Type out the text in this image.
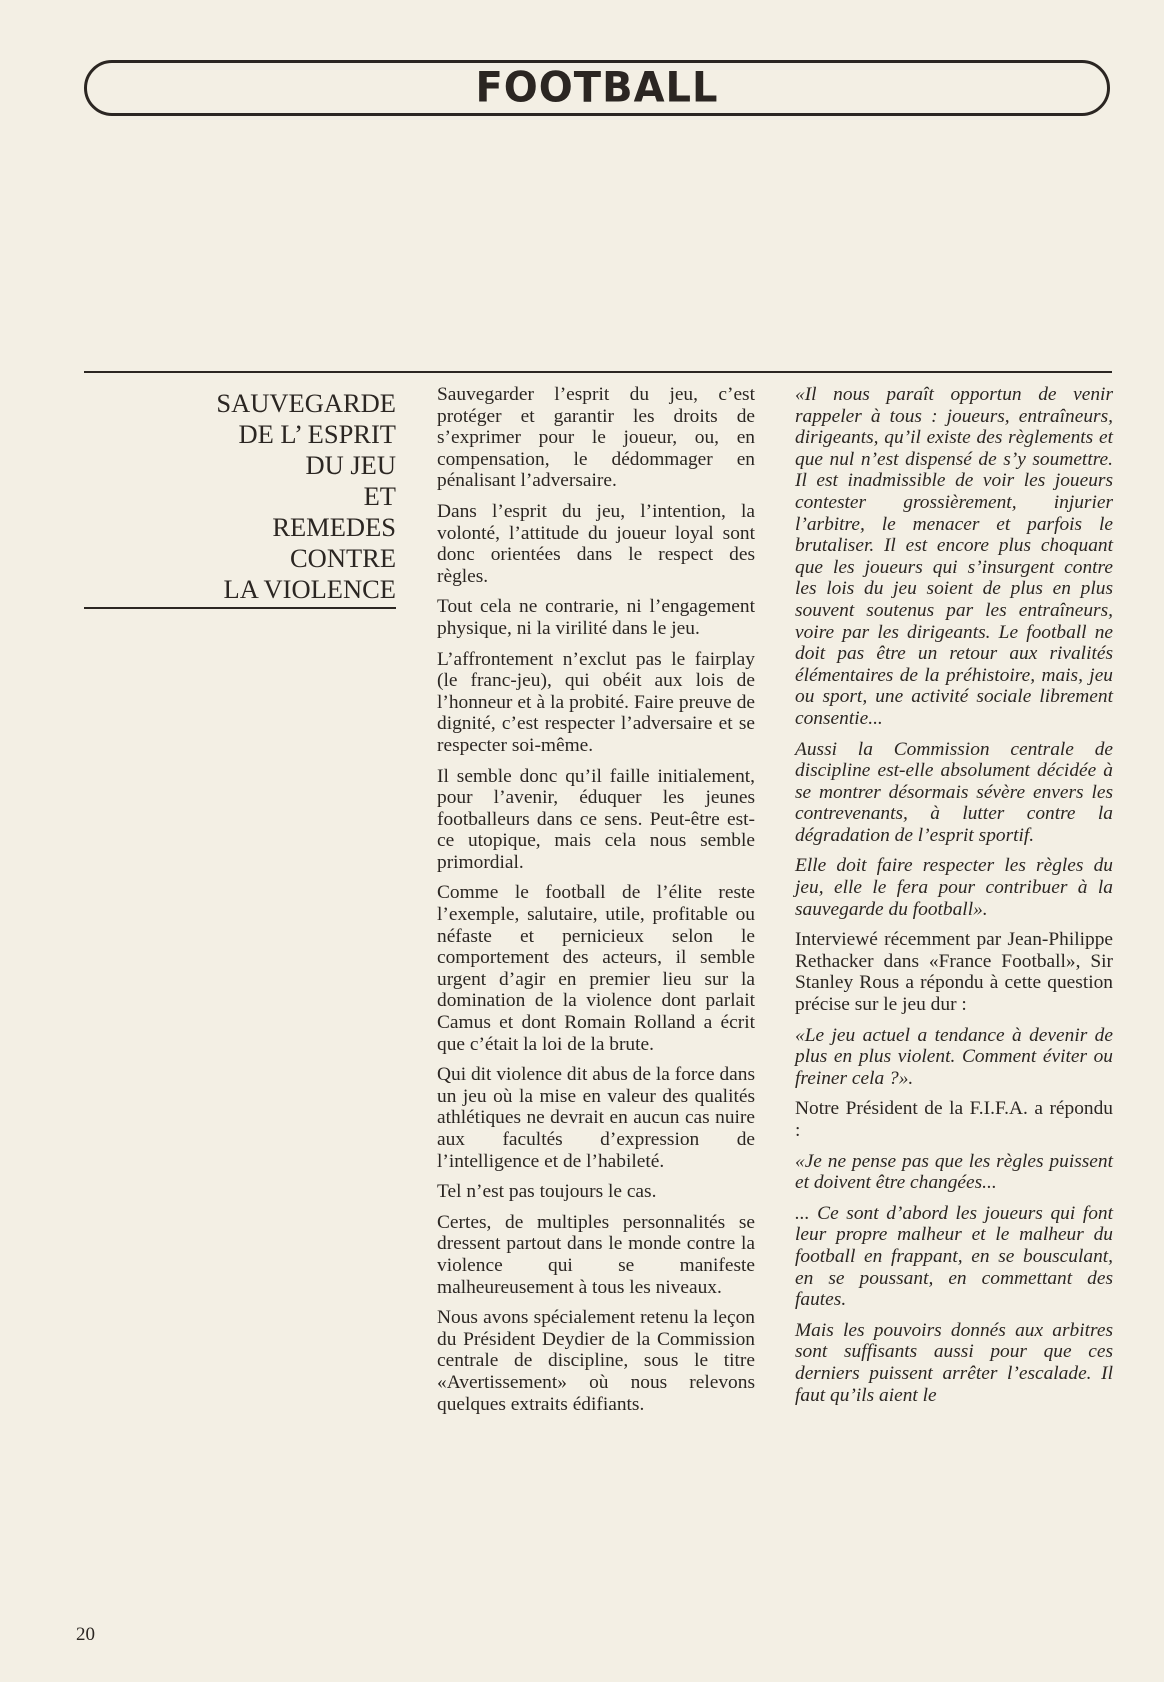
FOOTBALL
SAUVEGARDE
DE L’ ESPRIT
DU JEU
ET
REMEDES
CONTRE
LA VIOLENCE

Sauvegarder l’esprit du jeu, c’est protéger et garantir les droits de s’exprimer pour le joueur, ou, en compensation, le dédommager en pénalisant l’adversaire.

Dans l’esprit du jeu, l’intention, la volonté, l’attitude du joueur loyal sont donc orientées dans le respect des règles.

Tout cela ne contrarie, ni l’engagement physique, ni la virilité dans le jeu.

L’affrontement n’exclut pas le fairplay (le franc-jeu), qui obéit aux lois de l’honneur et à la probité. Faire preuve de dignité, c’est respecter l’adversaire et se respecter soi-même.

Il semble donc qu’il faille initialement, pour l’avenir, éduquer les jeunes footballeurs dans ce sens. Peut-être est-ce utopique, mais cela nous semble primordial.

Comme le football de l’élite reste l’exemple, salutaire, utile, profitable ou néfaste et pernicieux selon le comportement des acteurs, il semble urgent d’agir en premier lieu sur la domination de la violence dont parlait Camus et dont Romain Rolland a écrit que c’était la loi de la brute.

Qui dit violence dit abus de la force dans un jeu où la mise en valeur des qualités athlétiques ne devrait en aucun cas nuire aux facultés d’expression de l’intelligence et de l’habileté.

Tel n’est pas toujours le cas.

Certes, de multiples personnalités se dressent partout dans le monde contre la violence qui se manifeste malheureusement à tous les niveaux.

Nous avons spécialement retenu la leçon du Président Deydier de la Commission centrale de discipline, sous le titre «Avertissement» où nous relevons quelques extraits édifiants.

«Il nous paraît opportun de venir rappeler à tous : joueurs, entraîneurs, dirigeants, qu’il existe des règlements et que nul n’est dispensé de s’y soumettre. Il est inadmissible de voir les joueurs contester grossièrement, injurier l’arbitre, le menacer et parfois le brutaliser. Il est encore plus choquant que les joueurs qui s’insurgent contre les lois du jeu soient de plus en plus souvent soutenus par les entraîneurs, voire par les dirigeants. Le football ne doit pas être un retour aux rivalités élémentaires de la préhistoire, mais, jeu ou sport, une activité sociale librement consentie...

Aussi la Commission centrale de discipline est-elle absolument décidée à se montrer désormais sévère envers les contrevenants, à lutter contre la dégradation de l’esprit sportif.

Elle doit faire respecter les règles du jeu, elle le fera pour contribuer à la sauvegarde du football».

Interviewé récemment par Jean-Philippe Rethacker dans «France Football», Sir Stanley Rous a répondu à cette question précise sur le jeu dur :

«Le jeu actuel a tendance à devenir de plus en plus violent. Comment éviter ou freiner cela ?».

Notre Président de la F.I.F.A. a répondu :

«Je ne pense pas que les règles puissent et doivent être changées...

... Ce sont d’abord les joueurs qui font leur propre malheur et le malheur du football en frappant, en se bousculant, en se poussant, en commettant des fautes.

Mais les pouvoirs donnés aux arbitres sont suffisants aussi pour que ces derniers puissent arrêter l’escalade. Il faut qu’ils aient le

20
